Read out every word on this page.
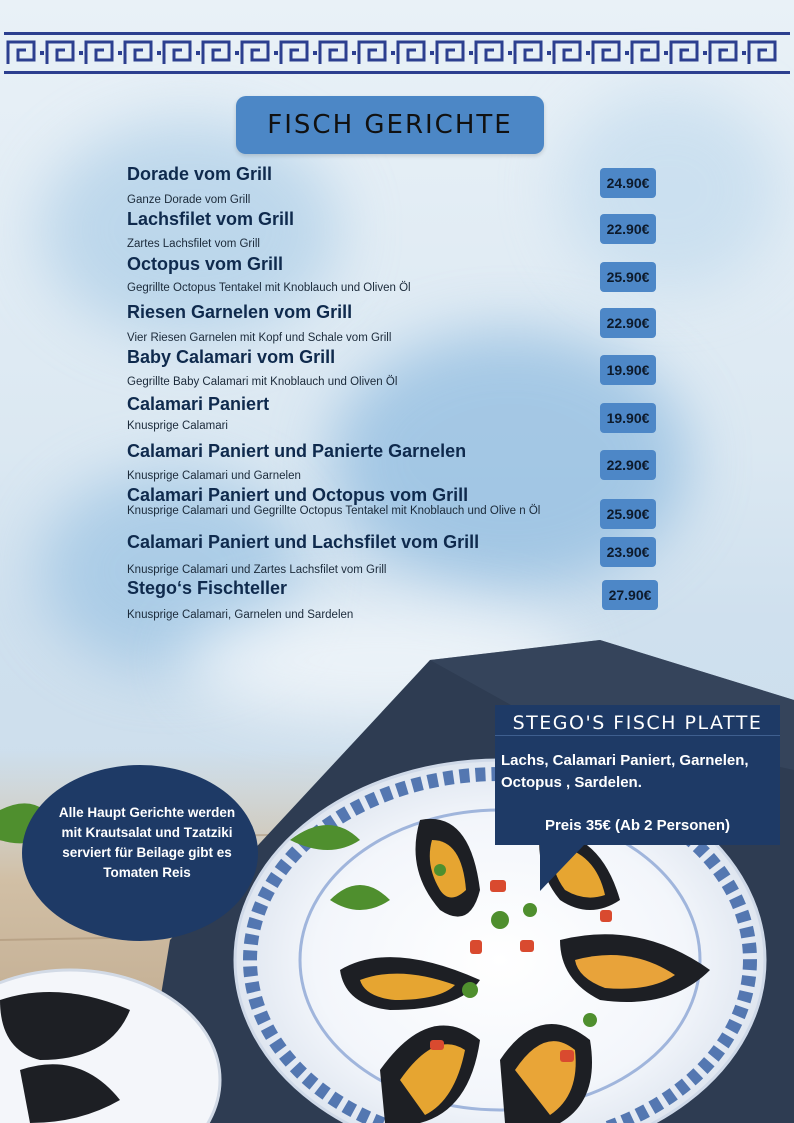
FISCH GERICHTE
Dorade vom Grill
Ganze Dorade vom Grill
24.90€
Lachsfilet vom Grill
Zartes Lachsfilet vom Grill
22.90€
Octopus vom Grill
Gegrillte Octopus Tentakel mit Knoblauch und Oliven Öl
25.90€
Riesen Garnelen vom Grill
Vier Riesen Garnelen mit Kopf und Schale vom Grill
22.90€
Baby Calamari vom Grill
Gegrillte Baby Calamari mit Knoblauch und Oliven Öl
19.90€
Calamari Paniert
Knusprige Calamari	19.90€
Calamari Paniert und Panierte Garnelen
Knusprige Calamari und Garnelen
22.90€
Calamari Paniert und Octopus vom Grill
Knusprige Calamari und Gegrillte Octopus Tentakel mit Knoblauch und Olive n Öl	25.90€
Calamari Paniert und Lachsfilet vom Grill
Knusprige Calamari und Zartes Lachsfilet vom Grill
23.90€
Stego‘s Fischteller
Knusprige Calamari, Garnelen und Sardelen
27.90€
STEGO'S FISCH PLATTE
Lachs, Calamari Paniert, Garnelen,
Octopus , Sardelen.
Preis 35€ (Ab 2 Personen)
Alle Haupt Gerichte werden
mit Krautsalat und Tzatziki
serviert für Beilage gibt es
Tomaten Reis
